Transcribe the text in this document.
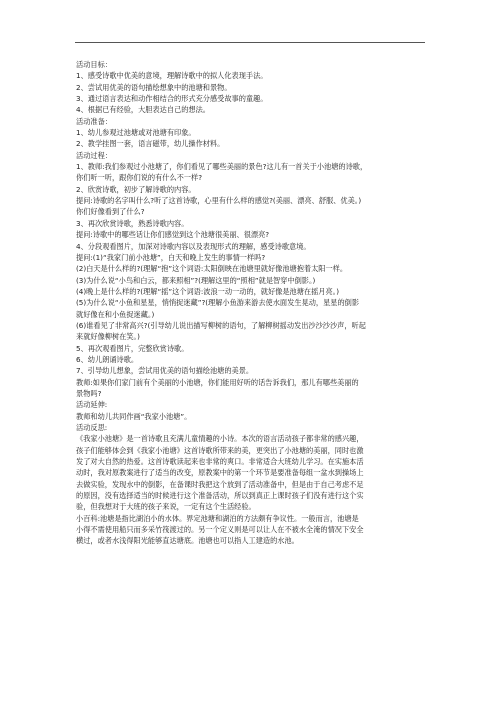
活动目标：

1、感受诗歌中优美的意境，理解诗歌中的拟人化表现手法。

2、尝试用优美的语句描绘想象中的池塘和景物。

3、通过语言表达和动作相结合的形式充分感受故事的童趣。

4、根据已有经验，大胆表达自己的想法。

活动准备：

1、幼儿参观过池塘或对池塘有印象。

2、教学挂图一套，语言磁带，幼儿操作材料。

活动过程：

1、教师:我们参观过小池塘了，你们看见了哪些美丽的景色?这儿有一首关于小池塘的诗歌，

你们听一听，跟你们说的有什么不一样?

2、欣赏诗歌，初步了解诗歌的内容。

提问:诗歌的名字叫什么?听了这首诗歌，心里有什么样的感觉?(美丽、漂亮、舒服、优美。)

你们好像看到了什么?

3、再次欣赏诗歌，熟悉诗歌内容。

提问:诗歌中的哪些话让你们感觉到这个池塘很美丽、很漂亮?

4、分段观看图片，加深对诗歌内容以及表现形式的理解，感受诗歌意境。

提问:(1)“我家门前小池塘”，白天和晚上发生的事情一样吗?

(2)白天是什么样的?(理解“抱”这个词语:太阳倒映在池塘里就好像池塘抱着太阳一样。

(3)为什么说“小鸟和白云，都来照相”?(理解这里的“照相”就是智穿中倒影。)

(4)晚上是什么样的?(理解“摇”这个词语:波浪一动一动的，就好像是池塘在摇月亮。)

(5)为什么说“小鱼和星星，悄悄捉迷藏”?(理解小鱼游来游去使水面发生晃动，星星的倒影

就好像在和小鱼捉迷藏。)

(6)谁看见了非常高兴?(引导幼儿说出描写柳树的语句，了解柳树摇动发出沙沙沙沙声，听起

来就好像柳树在笑。)

5、再次观看图片，完整欣赏诗歌。

6、幼儿朗诵诗歌。

7、引导幼儿想象，尝试用优美的语句描绘池塘的美景。

教师:如果你们家门前有个美丽的小池塘，你们能用好听的话告诉我们，那儿有哪些美丽的

景物吗?

活动延伸:

教师和幼儿共同作画“我家小池塘”。

活动反思:

《我家小池塘》是一首诗歌且充满儿童情趣的小诗。本次的语言活动孩子都非常的感兴趣，

孩子们能够体会到《我家小池塘》这首诗歌所带来的美，更突出了小池塘的美丽，同时也激

发了对大自然的热爱。这首诗歌读起来也非常的爽口。非常适合大班幼儿学习。在实施本活

动时，我对原教案进行了适当的改变，原教案中的第一个环节是要准备每组一盆水到操场上

去做实验，发现水中的倒影，在备课时我把这个放到了活动准备中，但是由于自己考虑不足

的原因，没有选择适当的时候进行这个准备活动，所以到真正上课时孩子们没有进行这个实

验，但我想对于大班的孩子来说，一定有这个生活经验。

小百科:池塘是指比湖泊小的水体。界定池塘和湖泊的方法颇有争议性。一般而言，池塘是

小得不需使用船只而多采竹筏渡过的。另一个定义则是可以让人在不被水全淹的情况下安全

横过，或者水浅得阳光能够直达塘底。池塘也可以指人工建造的水池。
